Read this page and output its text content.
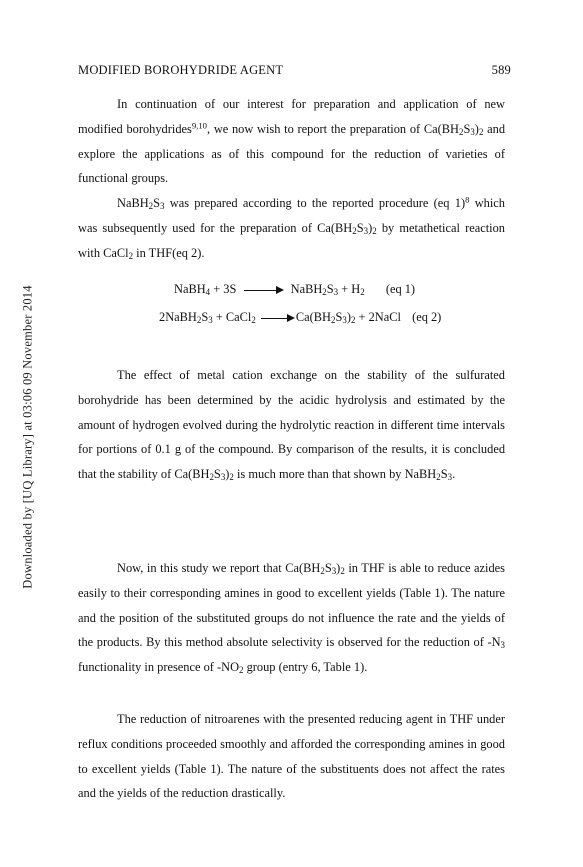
Downloaded by [UQ Library] at 03:06 09 November 2014
MODIFIED BOROHYDRIDE AGENT	589
In continuation of our interest for preparation and application of new modified borohydrides$^{9,10}$, we now wish to report the preparation of $Ca(BH_2S_3)_2$ and explore the applications as of this compound for the reduction of varieties of functional groups.
$NaBH_2S_3$ was prepared according to the reported procedure (eq 1)$^8$ which was subsequently used for the preparation of $Ca(BH_2S_3)_2$ by metathetical reaction with CaCl$_2$ in THF(eq 2).
NaBH$_4$ + 3S	$NaBH_2S_3 + H_2$ (eq 1)
$2NaBH_2S_3$ + CaCl$_2$	$Ca(BH_2S_3)_2$ + 2NaCl (eq 2)
The effect of metal cation exchange on the stability of the sulfurated borohydride has been determined by the acidic hydrolysis and estimated by the amount of hydrogen evolved during the hydrolytic reaction in different time intervals for portions of 0.1 g of the compound. By comparison of the results, it is concluded that the stability of $Ca(BH_2S_3)_2$ is much more than that shown by $NaBH_2S_3$.
Now, in this study we report that $Ca(BH_2S_3)_2$ in THF is able to reduce azides easily to their corresponding amines in good to excellent yields (Table 1). The nature and the position of the substituted groups do not influence the rate and the yields of the products. By this method absolute selectivity is observed for the reduction of $-N_3$ functionality in presence of $-NO_2$ group (entry 6, Table 1).
The reduction of nitroarenes with the presented reducing agent in THF under reflux conditions proceeded smoothly and afforded the corresponding amines in good to excellent yields (Table 1). The nature of the substituents does not affect the rates and the yields of the reduction drastically.
